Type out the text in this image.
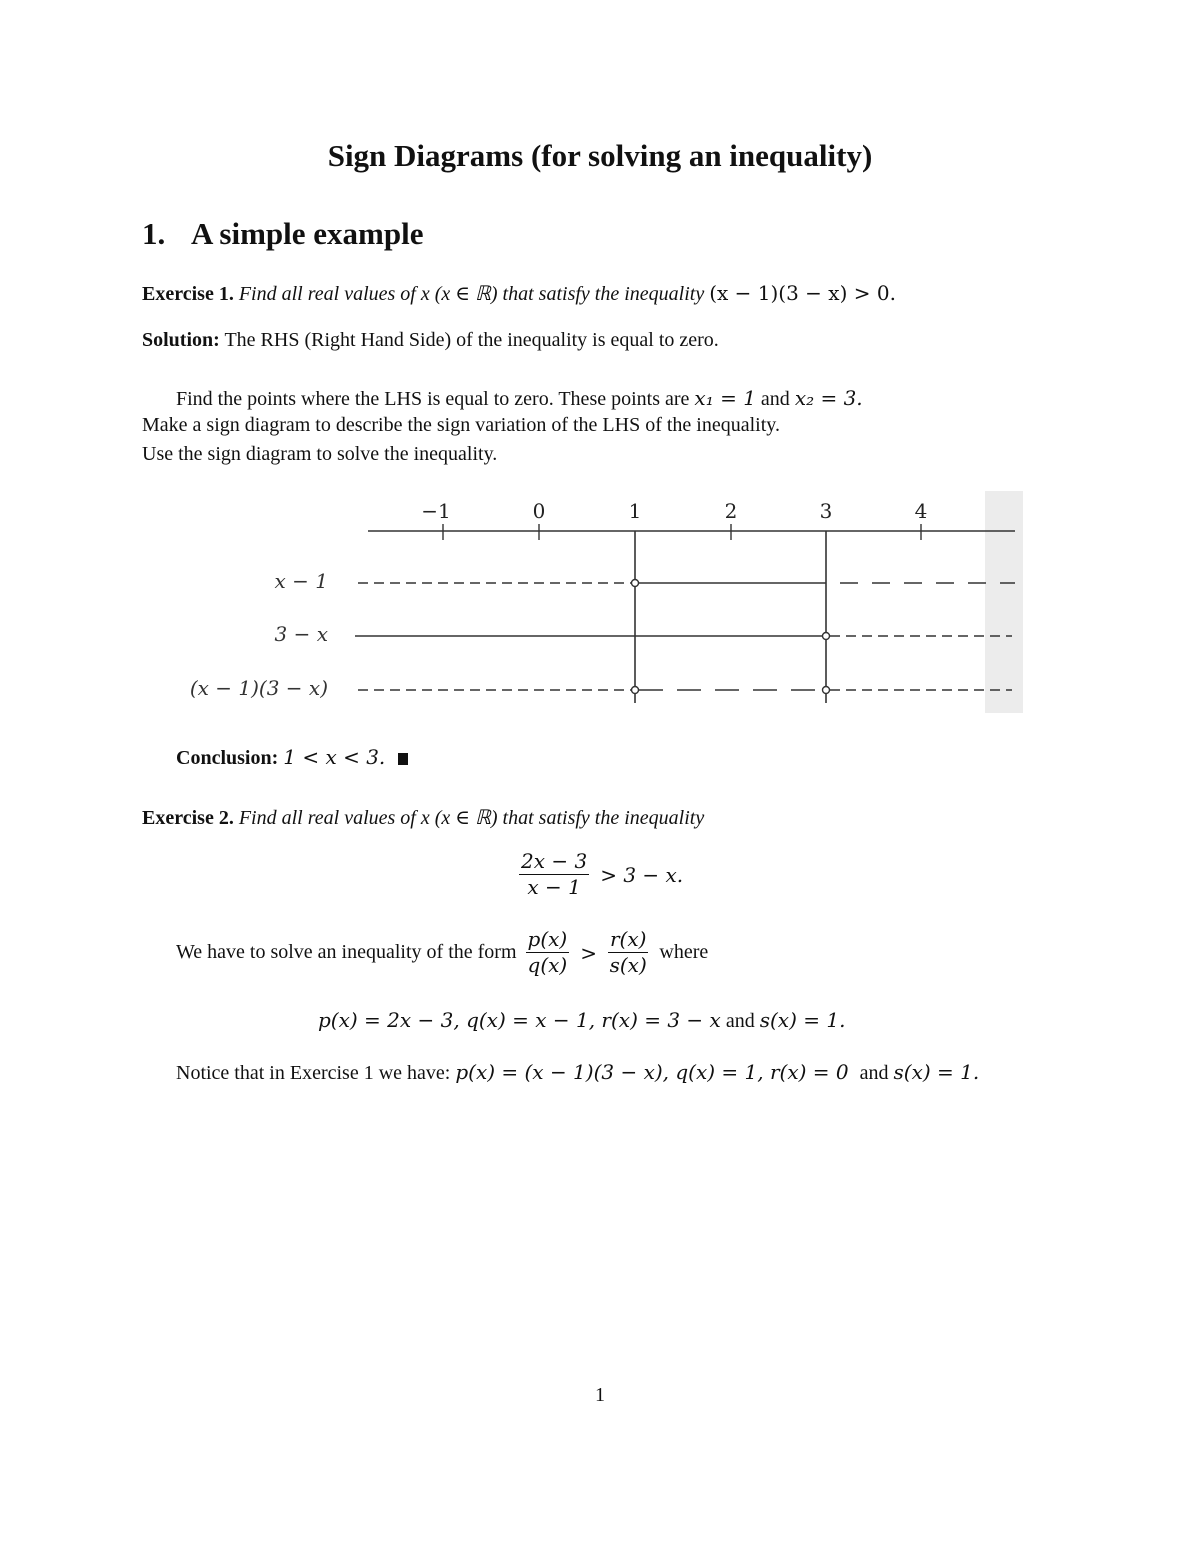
Sign Diagrams (for solving an inequality)
1. A simple example
Exercise 1. Find all real values of x (x ∈ ℝ) that satisfy the inequality (x − 1)(3 − x) > 0.
Solution: The RHS (Right Hand Side) of the inequality is equal to zero.
Find the points where the LHS is equal to zero. These points are x₁ = 1 and x₂ = 3.
Make a sign diagram to describe the sign variation of the LHS of the inequality.
Use the sign diagram to solve the inequality.
−1	0	1	2	3	4
x − 1
3 − x
(x − 1)(3 − x)
Conclusion: 1 < x < 3.
Exercise 2. Find all real values of x (x ∈ ℝ) that satisfy the inequality
$\frac{2x - 3}{x - 1} > 3 - x$.
We have to solve an inequality of the form $\frac{p(x)}{q(x)} > \frac{r(x)}{s(x)}$ where
p(x) = 2x − 3, q(x) = x − 1, r(x) = 3 − x and s(x) = 1.
Notice that in Exercise 1 we have: p(x) = (x − 1)(3 − x), q(x) = 1, r(x) = 0 and s(x) = 1.
1
